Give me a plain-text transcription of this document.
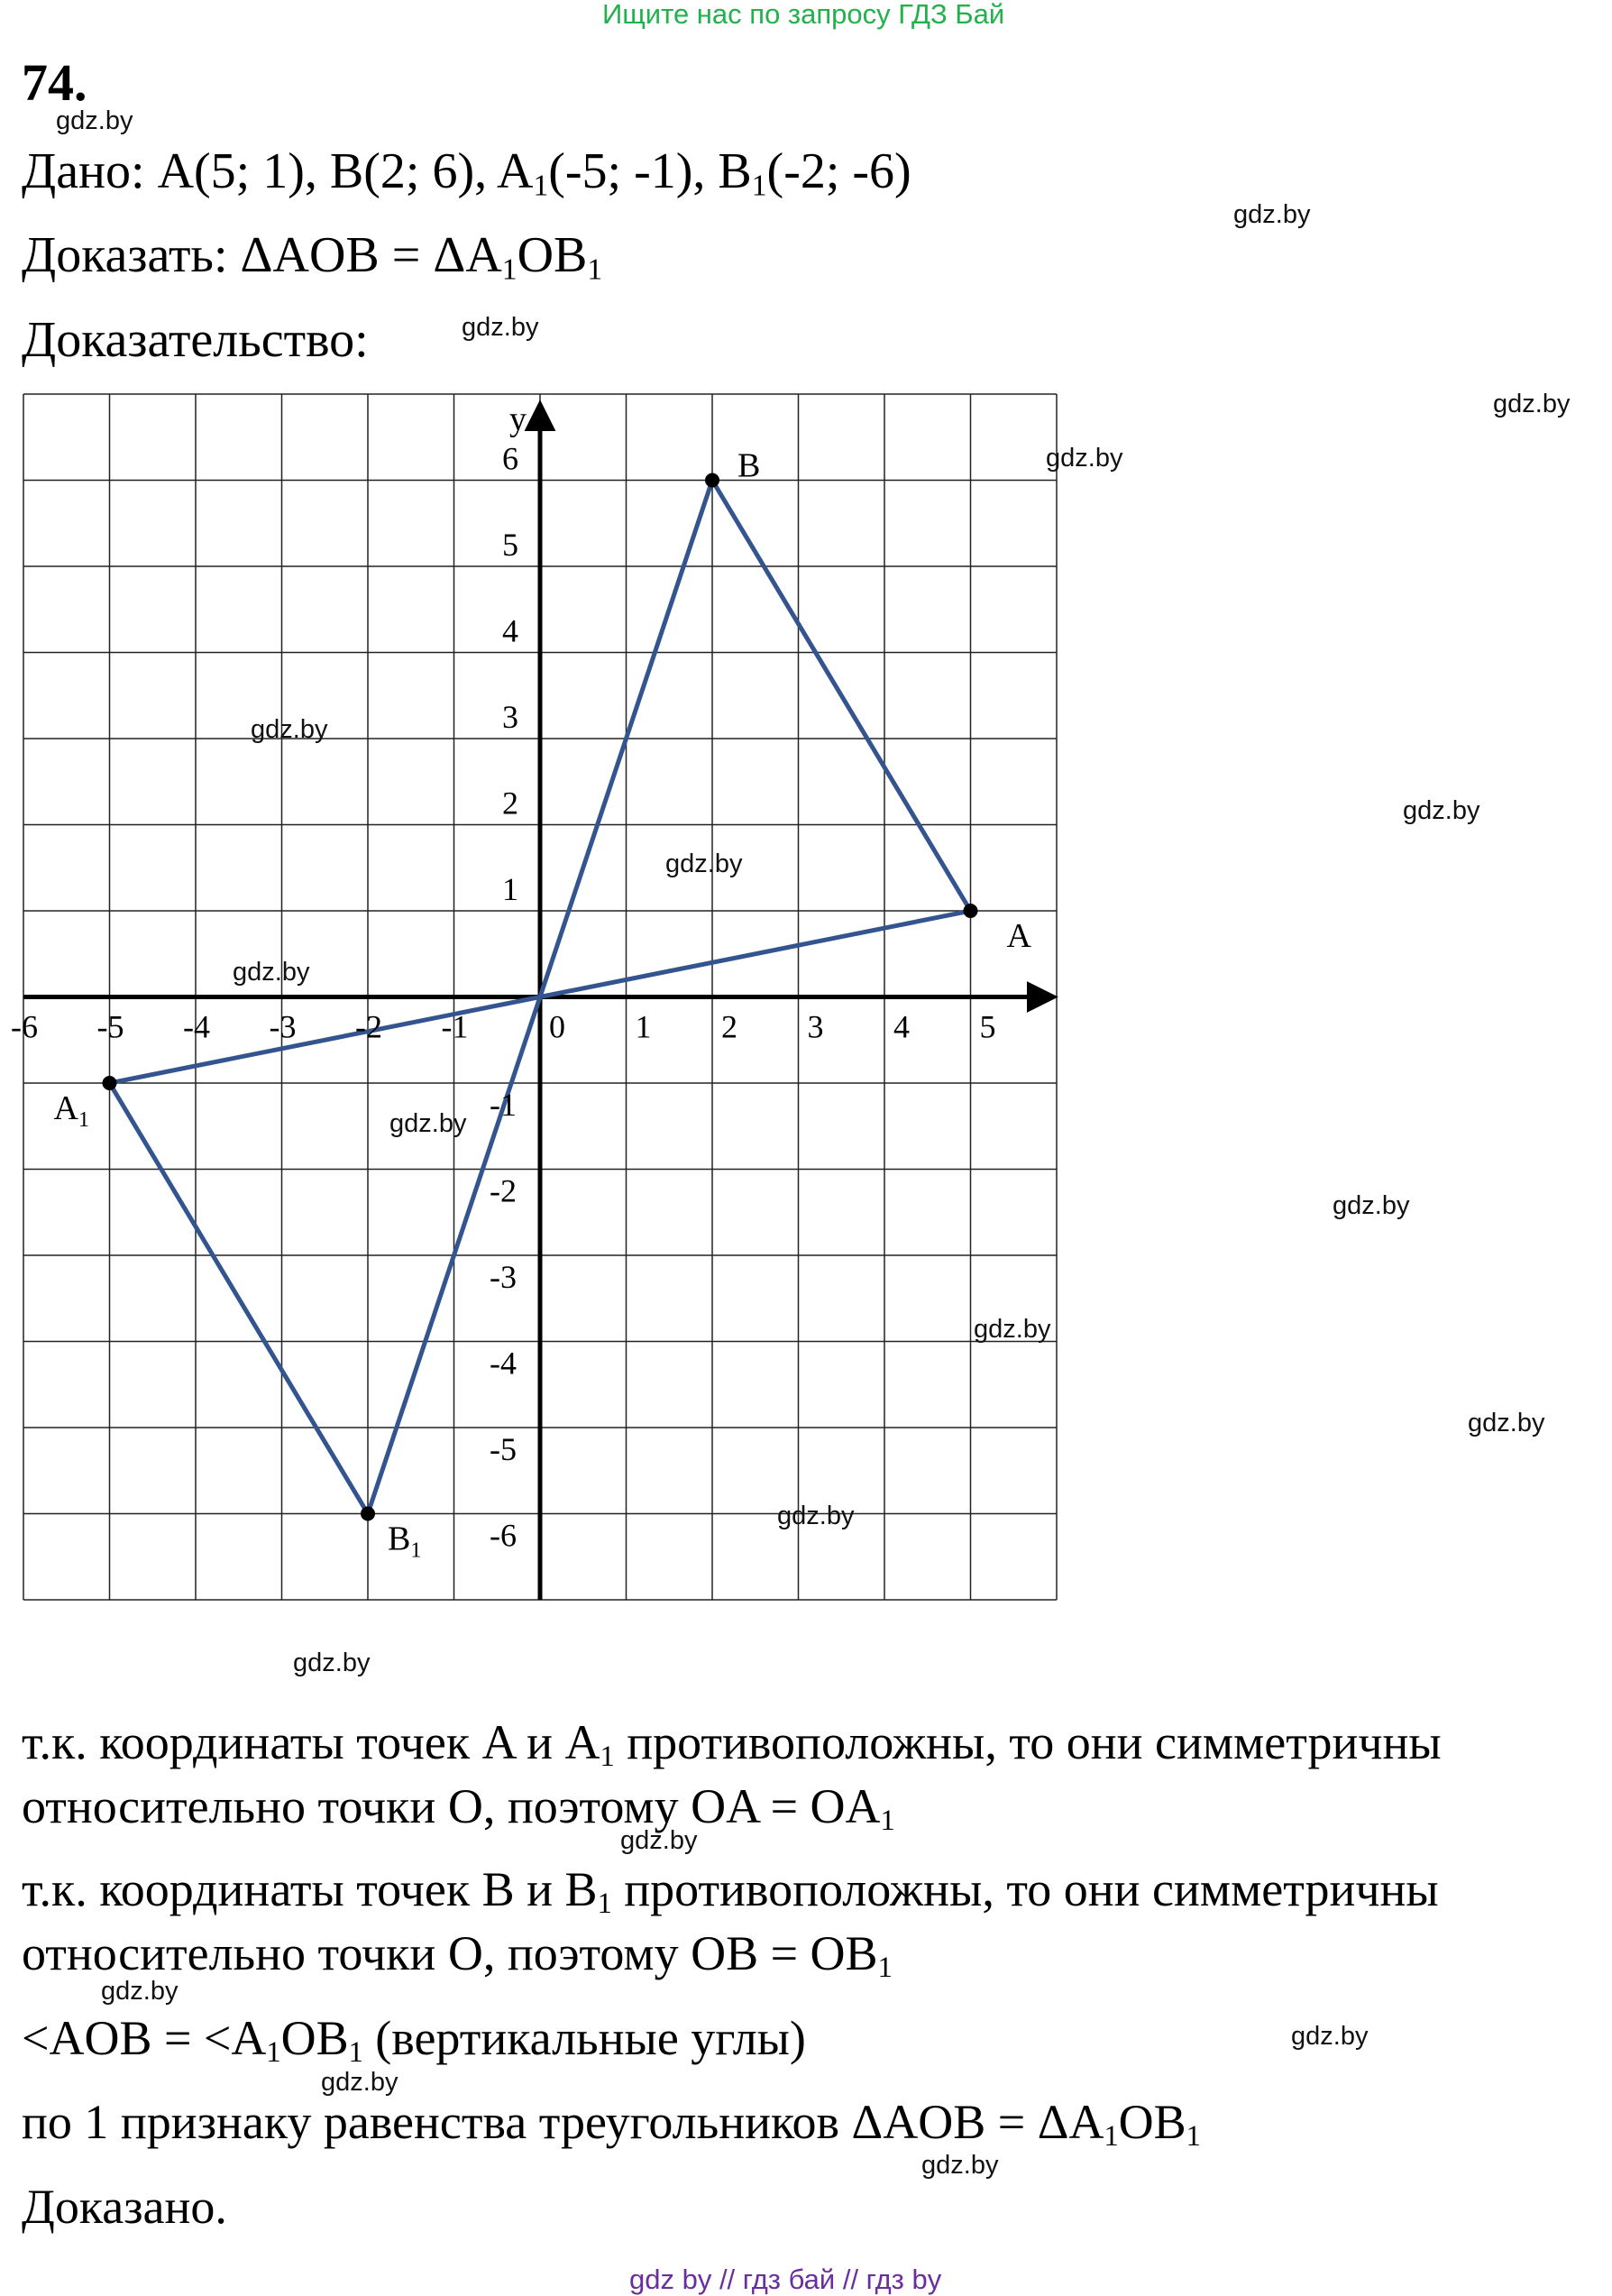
Ищите нас по запросу ГДЗ Бай
74.
Дано: A(5; 1), B(2; 6), $A_1(-5$; -1), $B_1(-2$; -6)
Доказать: $\Delta AOB = \Delta A_1OB_1$
Доказательство:
y
-6 -5 -4 -3 -2 -1 0 1 2 3 4 5
6
5
4
3
2
1
-1
-2
-3
-4
-5
-6
A
B
$A_1$
$B_1$
т.к. координаты точек A и $A_1$ противоположны, то они симметричны
относительно точки O, поэтому OA = $OA_1$
т.к. координаты точек B и $B_1$ противоположны, то они симметричны
относительно точки O, поэтому OB = $OB_1$
$<AOB = <A_1OB_1$ (вертикальные углы)
по 1 признаку равенства треугольников $\Delta AOB = \Delta A_1OB_1$
Доказано.
gdz.by
gdz.by
gdz.by
gdz.by
gdz.by
gdz.by
gdz.by
gdz.by
gdz.by
gdz.by
gdz.by
gdz.by
gdz.by
gdz.by
gdz.by
gdz.by
gdz.by
gdz.by
gdz.by
gdz.by
gdz by // гдз бай // гдз by
